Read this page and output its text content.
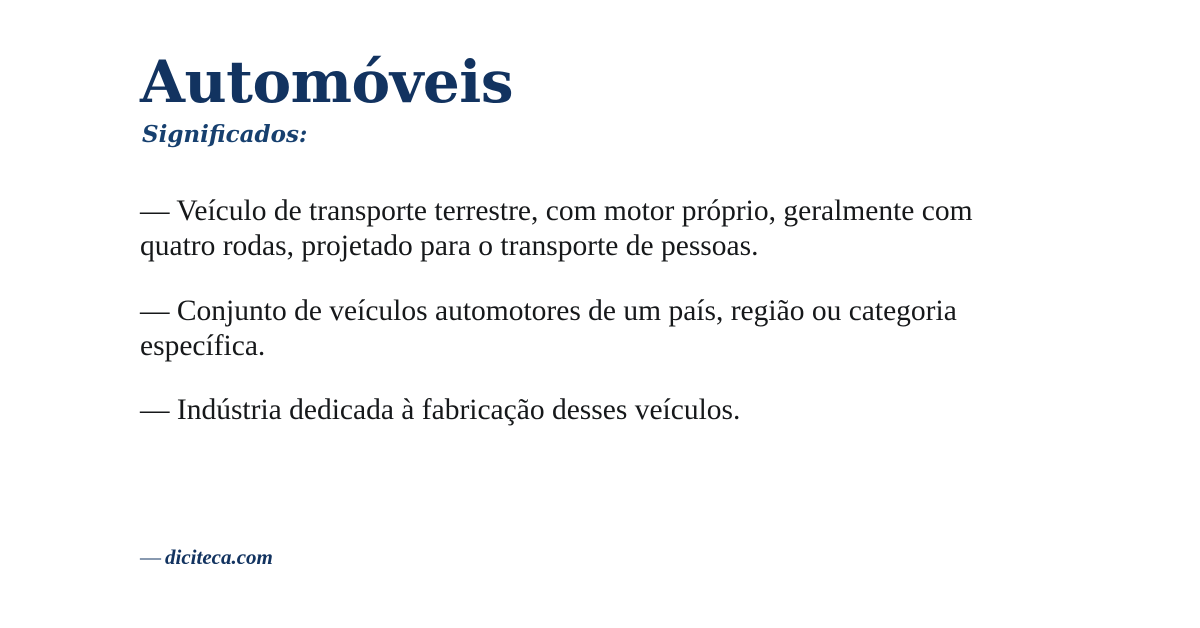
Automóveis
Significados:

— Veículo de transporte terrestre, com motor próprio, geralmente com quatro rodas, projetado para o transporte de pessoas.

— Conjunto de veículos automotores de um país, região ou categoria específica.

— Indústria dedicada à fabricação desses veículos.

— diciteca.com
